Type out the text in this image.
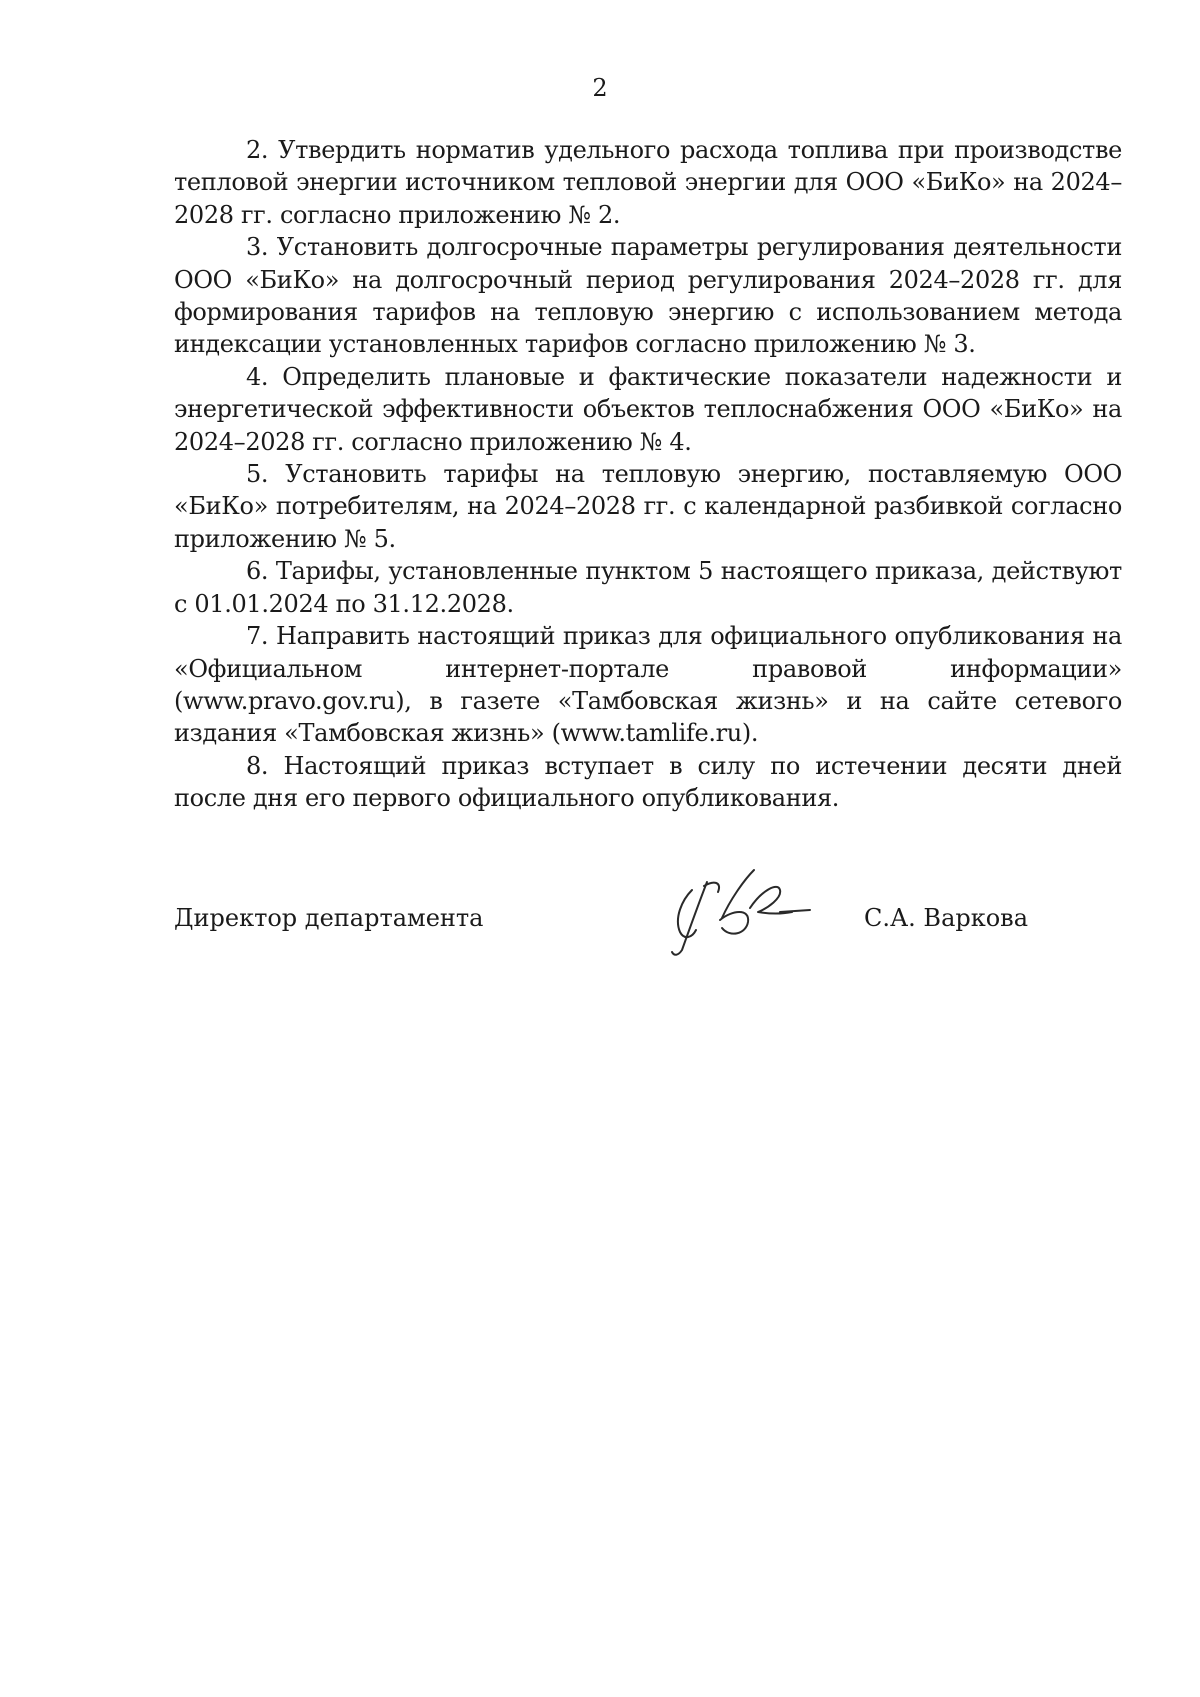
2

2. Утвердить норматив удельного расхода топлива при производстве тепловой энергии источником тепловой энергии для ООО «БиКо» на 2024–2028 гг. согласно приложению № 2.

3. Установить долгосрочные параметры регулирования деятельности ООО «БиКо» на долгосрочный период регулирования 2024–2028 гг. для формирования тарифов на тепловую энергию с использованием метода индексации установленных тарифов согласно приложению № 3.

4. Определить плановые и фактические показатели надежности и энергетической эффективности объектов теплоснабжения ООО «БиКо» на 2024–2028 гг. согласно приложению № 4.

5. Установить тарифы на тепловую энергию, поставляемую ООО «БиКо» потребителям, на 2024–2028 гг. с календарной разбивкой согласно приложению № 5.

6. Тарифы, установленные пунктом 5 настоящего приказа, действуют с 01.01.2024 по 31.12.2028.

7. Направить настоящий приказ для официального опубликования на «Официальном интернет-портале правовой информации» (www.pravo.gov.ru), в газете «Тамбовская жизнь» и на сайте сетевого издания «Тамбовская жизнь» (www.tamlife.ru).

8. Настоящий приказ вступает в силу по истечении десяти дней после дня его первого официального опубликования.

Директор департамента	С.А. Варкова
